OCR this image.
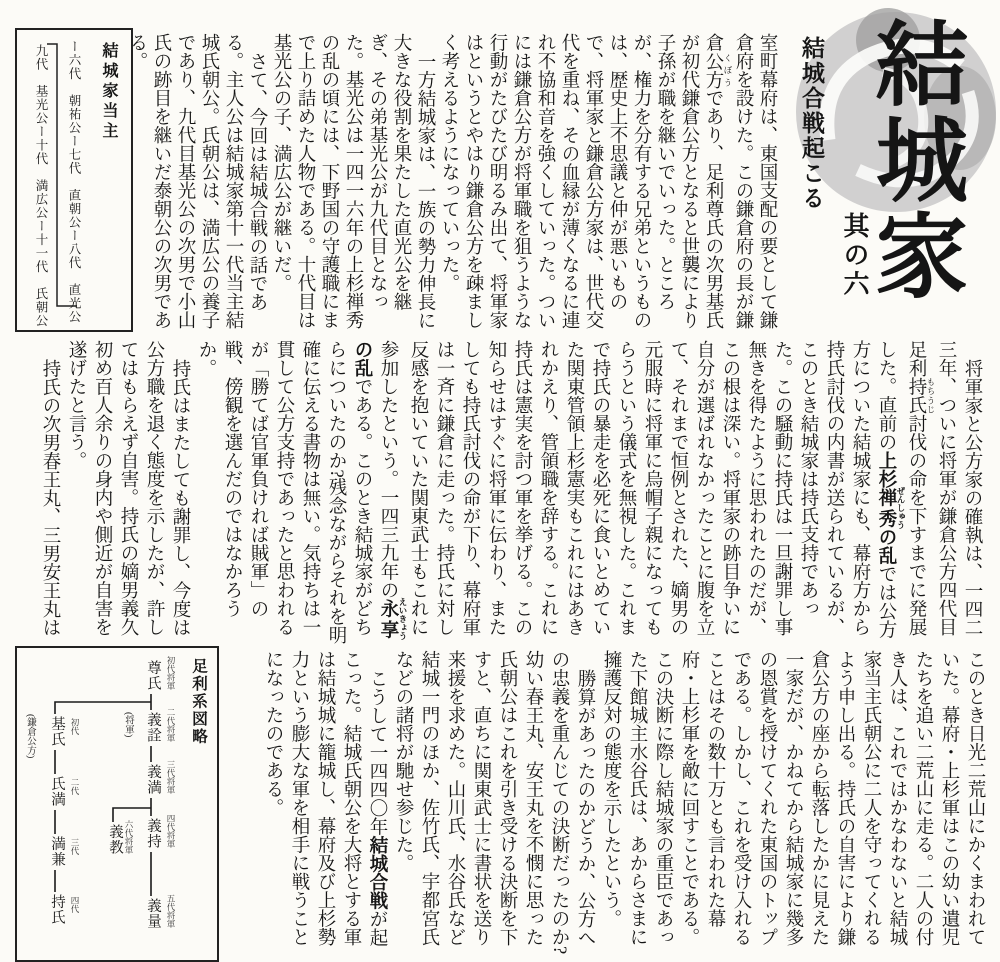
結城家
其の六
結城合戦起こる
結城家当主
ー六代　朝祐公ー七代　直朝公ー八代　直光公
九代　基光公ー十代　満広公ー十一代　氏朝公	室町幕府は、東国支配の要として鎌倉府を設けた。この鎌倉府の長が鎌倉公方 くぼうであり、足利尊氏の次男基氏が初代鎌倉公方となると世襲により子孫が職を継いでいった。ところが、権力を分有する兄弟というものは、歴史上不思議と仲が悪いもので、将軍家と鎌倉公方家は、世代交代を重ね、その血縁が薄くなるに連れ不協和音を強くしていった。ついには鎌倉公方が将軍職を狙うような行動がたびたび明るみ出て、将軍家はというとやはり鎌倉公方を疎ましく考えるようになっていった。

一方結城家は、一族の勢力伸長に大きな役割を果たした直光公を継ぎ、その弟基光公が九代目となった。基光公は一四一六年の上杉禅秀の乱の頃には、下野国の守護職にまで上り詰めた人物である。十代目は基光公の子、満広公が継いだ。

さて、今回は結城合戦の話である。主人公は結城家第十一代当主結城氏朝公。氏朝公は、満広公の養子であり、九代目基光公の次男で小山氏の跡目を継いだ泰朝公の次男である。

将軍家と公方家の確執は、一四二三年、ついに将軍が鎌倉公方四代目足利持氏 もちうじ討伐の命を下すまでに発展した。直前の上杉禅秀 ぜんしゅうの乱では公方方についた結城家にも、幕府方から持氏討伐の内書が送られているが、このとき結城家は持氏支持であった。この騒動に持氏は一旦謝罪し事無きを得たように思われたのだが、この根は深い。将軍家の跡目争いに自分が選ばれなかったことに腹を立て、それまで恒例とされた、嫡男の元服時に将軍に烏帽子親になってもらうという儀式を無視した。これまで持氏の暴走を必死に食いとめていた関東管領上杉憲実もこれにはあきれかえり、管領職を辞する。これに持氏は憲実を討つ軍を挙げる。この知らせはすぐに将軍に伝わり、またしても持氏討伐の命が下り、幕府軍は一斉に鎌倉に走った。持氏に対し反感を抱いていた関東武士もこれに参加したという。一四三九年の永享 えいきょうの乱である。このとき結城家がどちらについたのか?残念ながらそれを明確に伝える書物は無い。気持ちは一貫して公方支持であったと思われるが「勝てば官軍負ければ賊軍」の戦、傍観を選んだのではなかろうか。

持氏はまたしても謝罪し、今度は公方職を退く態度を示したが、許してはもらえず自害。持氏の嫡男義久初め百人余りの身内や側近が自害を遂げたと言う。

持氏の次男春王丸、三男安王丸は

このとき日光二荒山にかくまわれていた。幕府・上杉軍はこの幼い遺児たちを追い二荒山に走る。二人の付き人は、これではかなわないと結城家当主氏朝公に二人を守ってくれるよう申し出る。持氏の自害により鎌倉公方の座から転落したかに見えた一家だが、かねてから結城家に幾多の恩賞を授けてくれた東国のトップである。しかし、これを受け入れることはその数十万とも言われた幕府・上杉軍を敵に回すことである。この決断に際し結城家の重臣であった下館城主水谷氏は、あからさまに擁護反対の態度を示したという。

勝算があったのかどうか、公方への忠義を重んじての決断だったのか?幼い春王丸、安王丸を不憫に思った氏朝公はこれを引き受ける決断を下すと、直ちに関東武士に書状を送り来援を求めた。山川氏、水谷氏など結城一門のほか、佐竹氏、宇都宮氏などの諸将が馳せ参じた。

こうして一四四〇年結城合戦が起こった。結城氏朝公を大将とする軍は結城城に籠城し、幕府及び上杉勢力という膨大な軍を相手に戦うことになったのである。

足利系図略
尊氏 初代将軍
義詮 二代将軍
(将軍)
義満 三代将軍
義持 四代将軍
義量 五代将軍
義教 六代将軍
基氏 初代
(鎌倉公方)
氏満 二代
満兼 三代
持氏 四代
